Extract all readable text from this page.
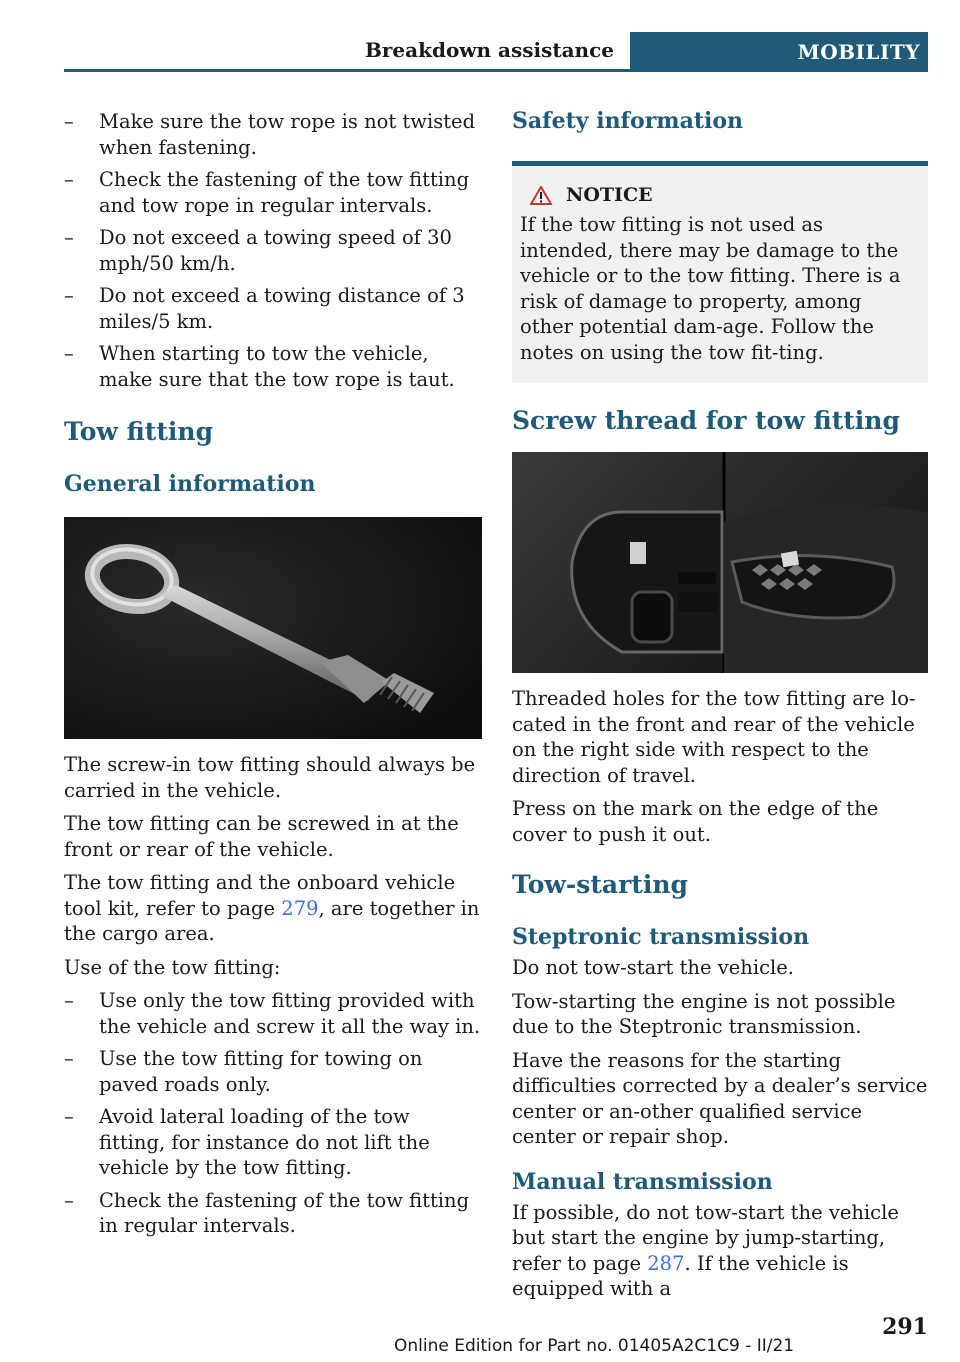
Breakdown assistance	MOBILITY
–	Make sure the tow rope is not twisted when fastening.
–	Check the fastening of the tow fitting and tow rope in regular intervals.
–	Do not exceed a towing speed of 30 mph/50 km/h.
–	Do not exceed a towing distance of 3 miles/5 km.
–	When starting to tow the vehicle, make sure that the tow rope is taut.
Tow fitting
General information

The screw-in tow fitting should always be carried in the vehicle.

The tow fitting can be screwed in at the front or rear of the vehicle.

The tow fitting and the onboard vehicle tool kit, refer to page 279, are together in the cargo area.

Use of the tow fitting:

–	Use only the tow fitting provided with the vehicle and screw it all the way in.
–	Use the tow fitting for towing on paved roads only.
–	Avoid lateral loading of the tow fitting, for instance do not lift the vehicle by the tow fitting.
–	Check the fastening of the tow fitting in regular intervals.
Safety information
NOTICE

If the tow fitting is not used as intended, there may be damage to the vehicle or to the tow fitting. There is a risk of damage to property, among other potential dam-age. Follow the notes on using the tow fit-ting.

Screw thread for tow fitting

Threaded holes for the tow fitting are lo-cated in the front and rear of the vehicle on the right side with respect to the direction of travel.

Press on the mark on the edge of the cover to push it out.

Tow-starting
Steptronic transmission

Do not tow-start the vehicle.

Tow-starting the engine is not possible due to the Steptronic transmission.

Have the reasons for the starting difficulties corrected by a dealer’s service center or an-other qualified service center or repair shop.

Manual transmission

If possible, do not tow-start the vehicle but start the engine by jump-starting, refer to page 287. If the vehicle is equipped with a

291
Online Edition for Part no. 01405A2C1C9 - II/21
